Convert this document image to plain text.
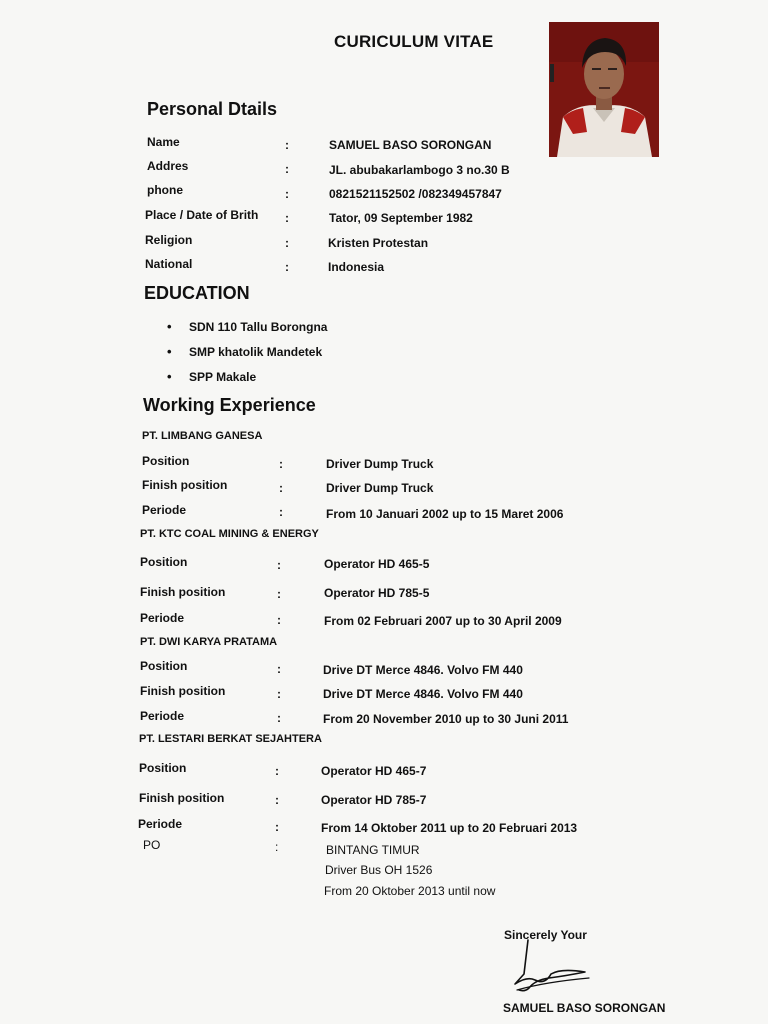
CURICULUM VITAE
Personal Dtails
Name	:	SAMUEL BASO SORONGAN
Addres	:	JL. abubakarlambogo 3 no.30 B
phone	:	0821521152502 /082349457847
Place / Date of Brith :	Tator, 09 September 1982
Religion	:	Kristen Protestan
National	:	Indonesia
EDUCATION
• SDN 110 Tallu Borongna
• SMP khatolik Mandetek
• SPP Makale
Working Experience
PT. LIMBANG GANESA
Position	:	Driver Dump Truck
Finish position	:	Driver Dump Truck
Periode	:	From 10 Januari 2002 up to 15 Maret 2006
PT. KTC COAL MINING & ENERGY
Position	:	Operator HD 465-5
Finish position	:	Operator HD 785-5
Periode	:	From 02 Februari 2007 up to 30 April 2009
PT. DWI KARYA PRATAMA
Position	:	Drive DT Merce 4846. Volvo FM 440
Finish position	:	Drive DT Merce 4846. Volvo FM 440
Periode	:	From 20 November 2010 up to 30 Juni 2011
PT. LESTARI BERKAT SEJAHTERA
Position	:	Operator HD 465-7
Finish position	:	Operator HD 785-7
Periode	:	From 14 Oktober 2011 up to 20 Februari 2013
PO	:	BINTANG TIMUR
Driver Bus OH 1526
From 20 Oktober 2013 until now
Sincerely Your
SAMUEL BASO SORONGAN
